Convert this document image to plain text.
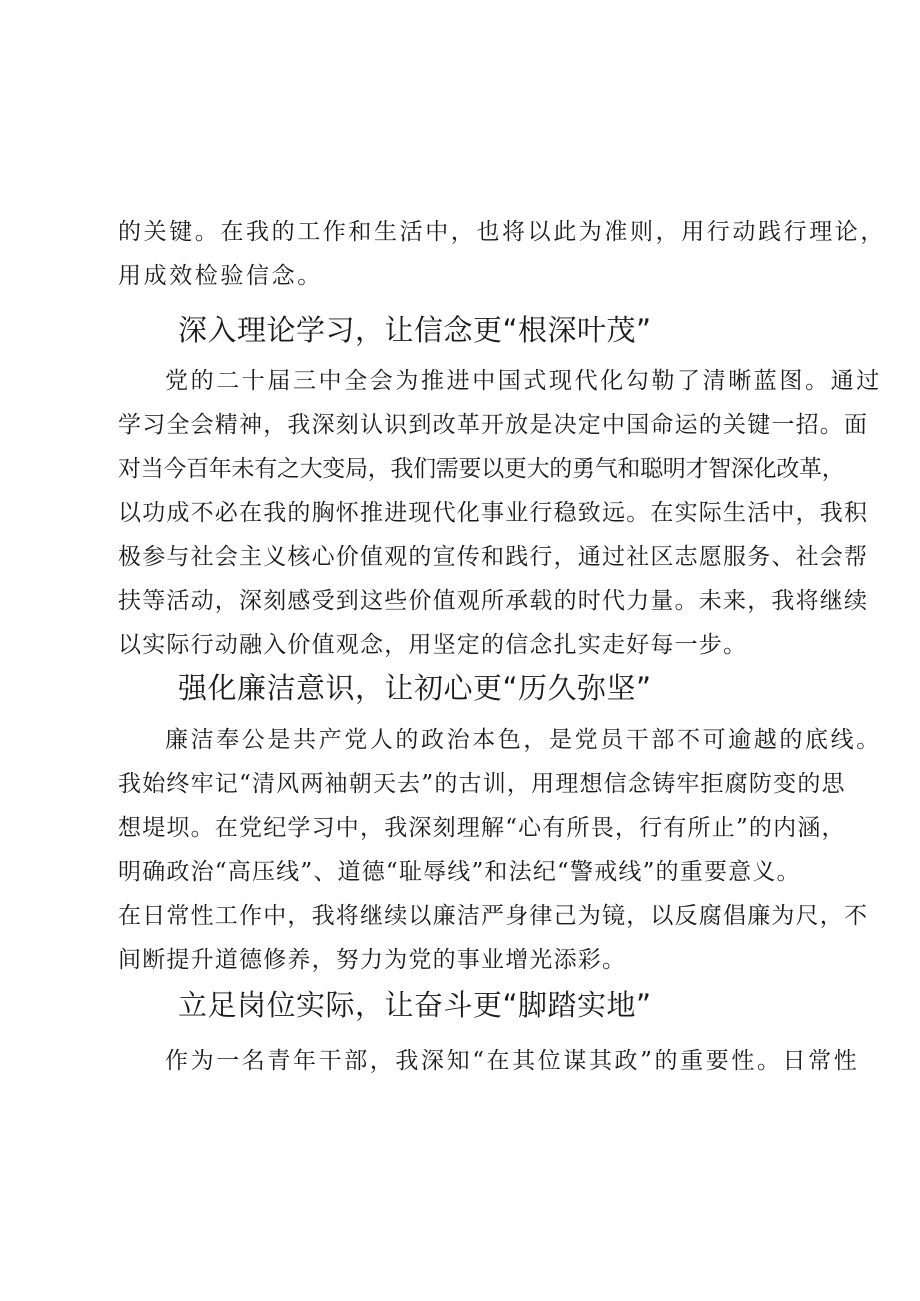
的关键。在我的工作和生活中，也将以此为准则，用行动践行理论，
用成效检验信念。
深入理论学习，让信念更“根深叶茂”
党的二十届三中全会为推进中国式现代化勾勒了清晰蓝图。通过
学习全会精神，我深刻认识到改革开放是决定中国命运的关键一招。面
对当今百年未有之大变局，我们需要以更大的勇气和聪明才智深化改革，
以功成不必在我的胸怀推进现代化事业行稳致远。在实际生活中，我积
极参与社会主义核心价值观的宣传和践行，通过社区志愿服务、社会帮
扶等活动，深刻感受到这些价值观所承载的时代力量。未来，我将继续
以实际行动融入价值观念，用坚定的信念扎实走好每一步。
强化廉洁意识，让初心更“历久弥坚”
廉洁奉公是共产党人的政治本色，是党员干部不可逾越的底线。
我始终牢记“清风两袖朝天去”的古训，用理想信念铸牢拒腐防变的思
想堤坝。在党纪学习中，我深刻理解“心有所畏，行有所止”的内涵，
明确政治“高压线”、道德“耻辱线”和法纪“警戒线”的重要意义。
在日常性工作中，我将继续以廉洁严身律己为镜，以反腐倡廉为尺，不
间断提升道德修养，努力为党的事业增光添彩。
立足岗位实际，让奋斗更“脚踏实地”
作为一名青年干部，我深知“在其位谋其政”的重要性。日常性
